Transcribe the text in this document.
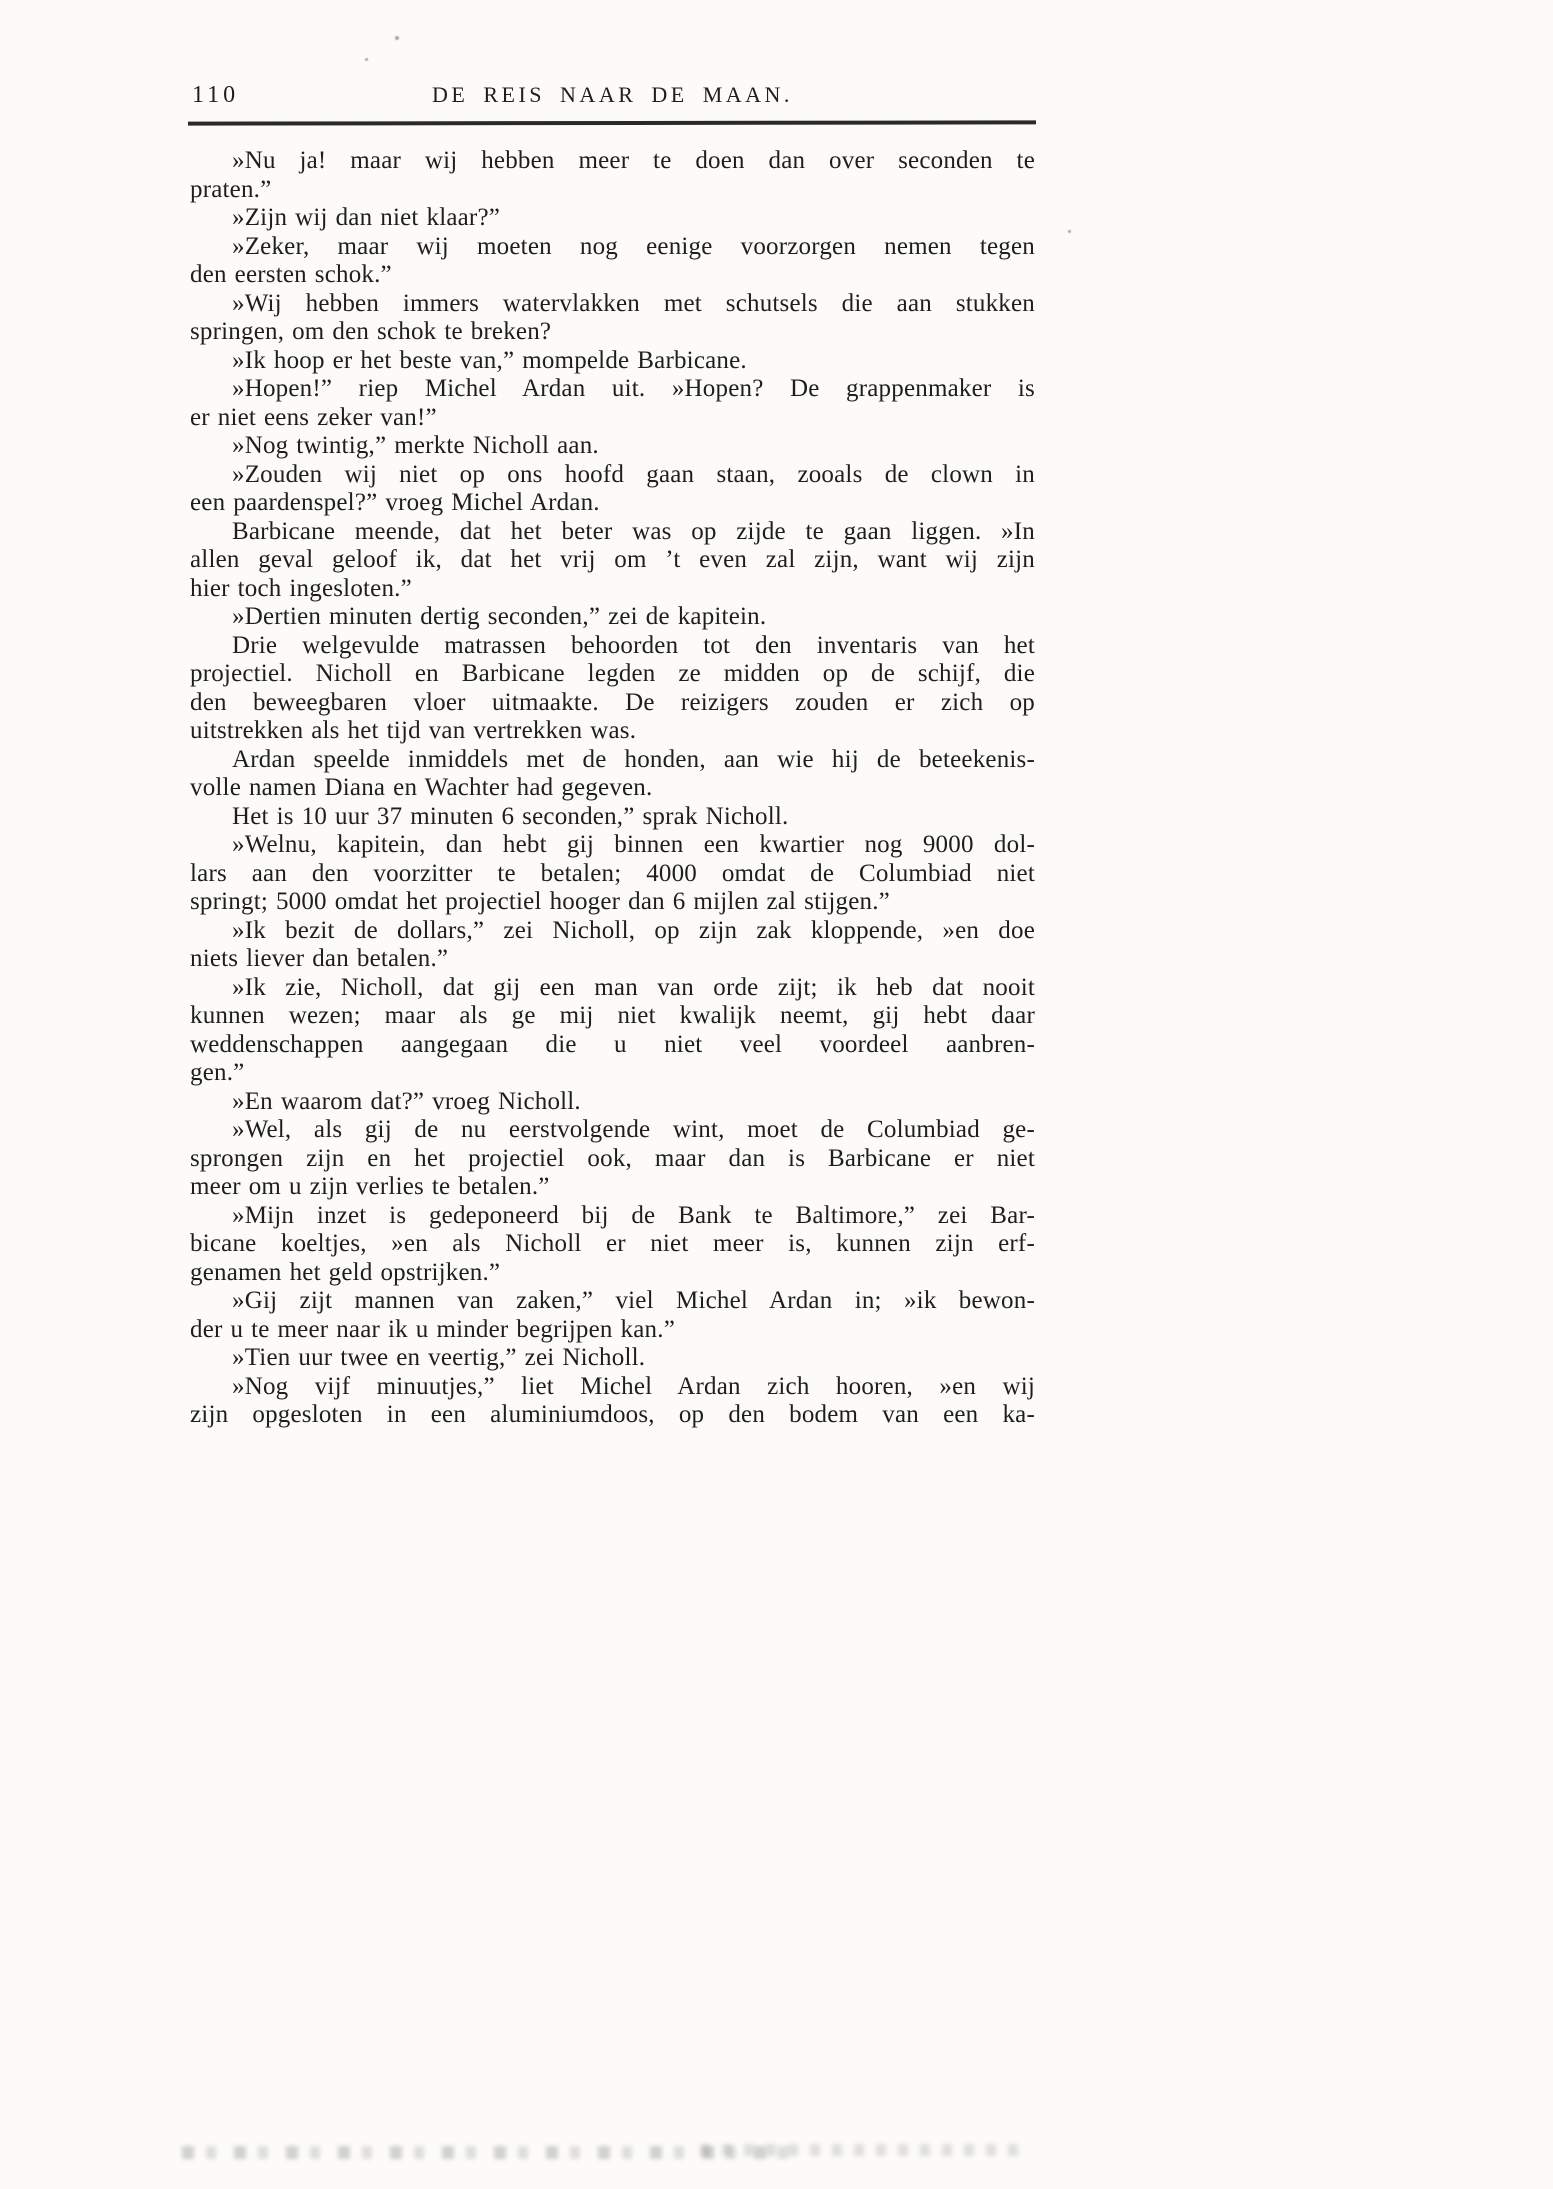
110	DE REIS NAAR DE MAAN.
»Nu ja! maar wij hebben meer te doen dan over seconden te
praten.”
»Zijn wij dan niet klaar?”
»Zeker, maar wij moeten nog eenige voorzorgen nemen tegen
den eersten schok.”
»Wij hebben immers watervlakken met schutsels die aan stukken
springen, om den schok te breken?
»Ik hoop er het beste van,” mompelde Barbicane.
»Hopen!” riep Michel Ardan uit. »Hopen? De grappenmaker is
er niet eens zeker van!”
»Nog twintig,” merkte Nicholl aan.
»Zouden wij niet op ons hoofd gaan staan, zooals de clown in
een paardenspel?” vroeg Michel Ardan.
Barbicane meende, dat het beter was op zijde te gaan liggen. »In
allen geval geloof ik, dat het vrij om ’t even zal zijn, want wij zijn
hier toch ingesloten.”
»Dertien minuten dertig seconden,” zei de kapitein.
Drie welgevulde matrassen behoorden tot den inventaris van het
projectiel. Nicholl en Barbicane legden ze midden op de schijf, die
den beweegbaren vloer uitmaakte. De reizigers zouden er zich op
uitstrekken als het tijd van vertrekken was.
Ardan speelde inmiddels met de honden, aan wie hij de beteekenis-
volle namen Diana en Wachter had gegeven.
Het is 10 uur 37 minuten 6 seconden,” sprak Nicholl.
»Welnu, kapitein, dan hebt gij binnen een kwartier nog 9000 dol-
lars aan den voorzitter te betalen; 4000 omdat de Columbiad niet
springt; 5000 omdat het projectiel hooger dan 6 mijlen zal stijgen.”
»Ik bezit de dollars,” zei Nicholl, op zijn zak kloppende, »en doe
niets liever dan betalen.”
»Ik zie, Nicholl, dat gij een man van orde zijt; ik heb dat nooit
kunnen wezen; maar als ge mij niet kwalijk neemt, gij hebt daar
weddenschappen aangegaan die u niet veel voordeel aanbren-
gen.”
»En waarom dat?” vroeg Nicholl.
»Wel, als gij de nu eerstvolgende wint, moet de Columbiad ge-
sprongen zijn en het projectiel ook, maar dan is Barbicane er niet
meer om u zijn verlies te betalen.”
»Mijn inzet is gedeponeerd bij de Bank te Baltimore,” zei Bar-
bicane koeltjes, »en als Nicholl er niet meer is, kunnen zijn erf-
genamen het geld opstrijken.”
»Gij zijt mannen van zaken,” viel Michel Ardan in; »ik bewon-
der u te meer naar ik u minder begrijpen kan.”
»Tien uur twee en veertig,” zei Nicholl.
»Nog vijf minuutjes,” liet Michel Ardan zich hooren, »en wij
zijn opgesloten in een aluminiumdoos, op den bodem van een ka-
